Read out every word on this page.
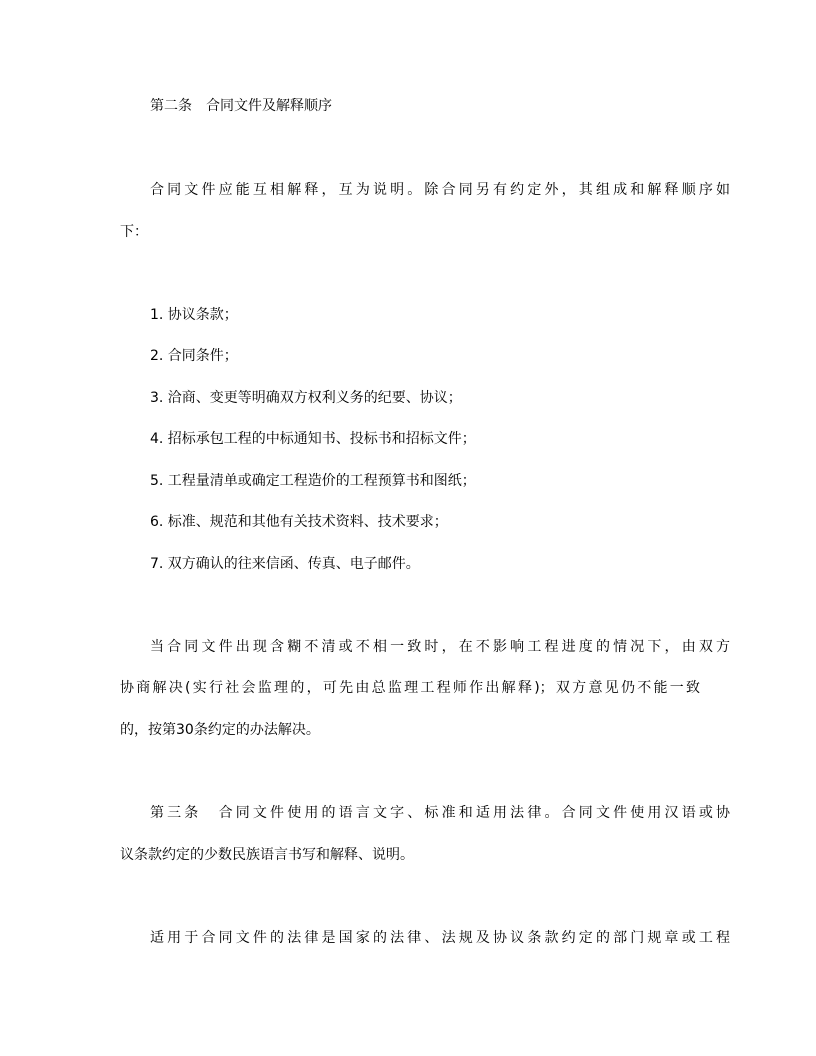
第二条　合同文件及解释顺序
合同文件应能互相解释，互为说明。除合同另有约定外，其组成和解释顺序如
下：
1. 协议条款；
2. 合同条件；
3. 洽商、变更等明确双方权利义务的纪要、协议；
4. 招标承包工程的中标通知书、投标书和招标文件；
5. 工程量清单或确定工程造价的工程预算书和图纸；
6. 标准、规范和其他有关技术资料、技术要求；
7. 双方确认的往来信函、传真、电子邮件。
当合同文件出现含糊不清或不相一致时，在不影响工程进度的情况下，由双方
协商解决(实行社会监理的，可先由总监理工程师作出解释)；双方意见仍不能一致
的，按第30条约定的办法解决。
第三条　合同文件使用的语言文字、标准和适用法律。合同文件使用汉语或协
议条款约定的少数民族语言书写和解释、说明。
适用于合同文件的法律是国家的法律、法规及协议条款约定的部门规章或工程
